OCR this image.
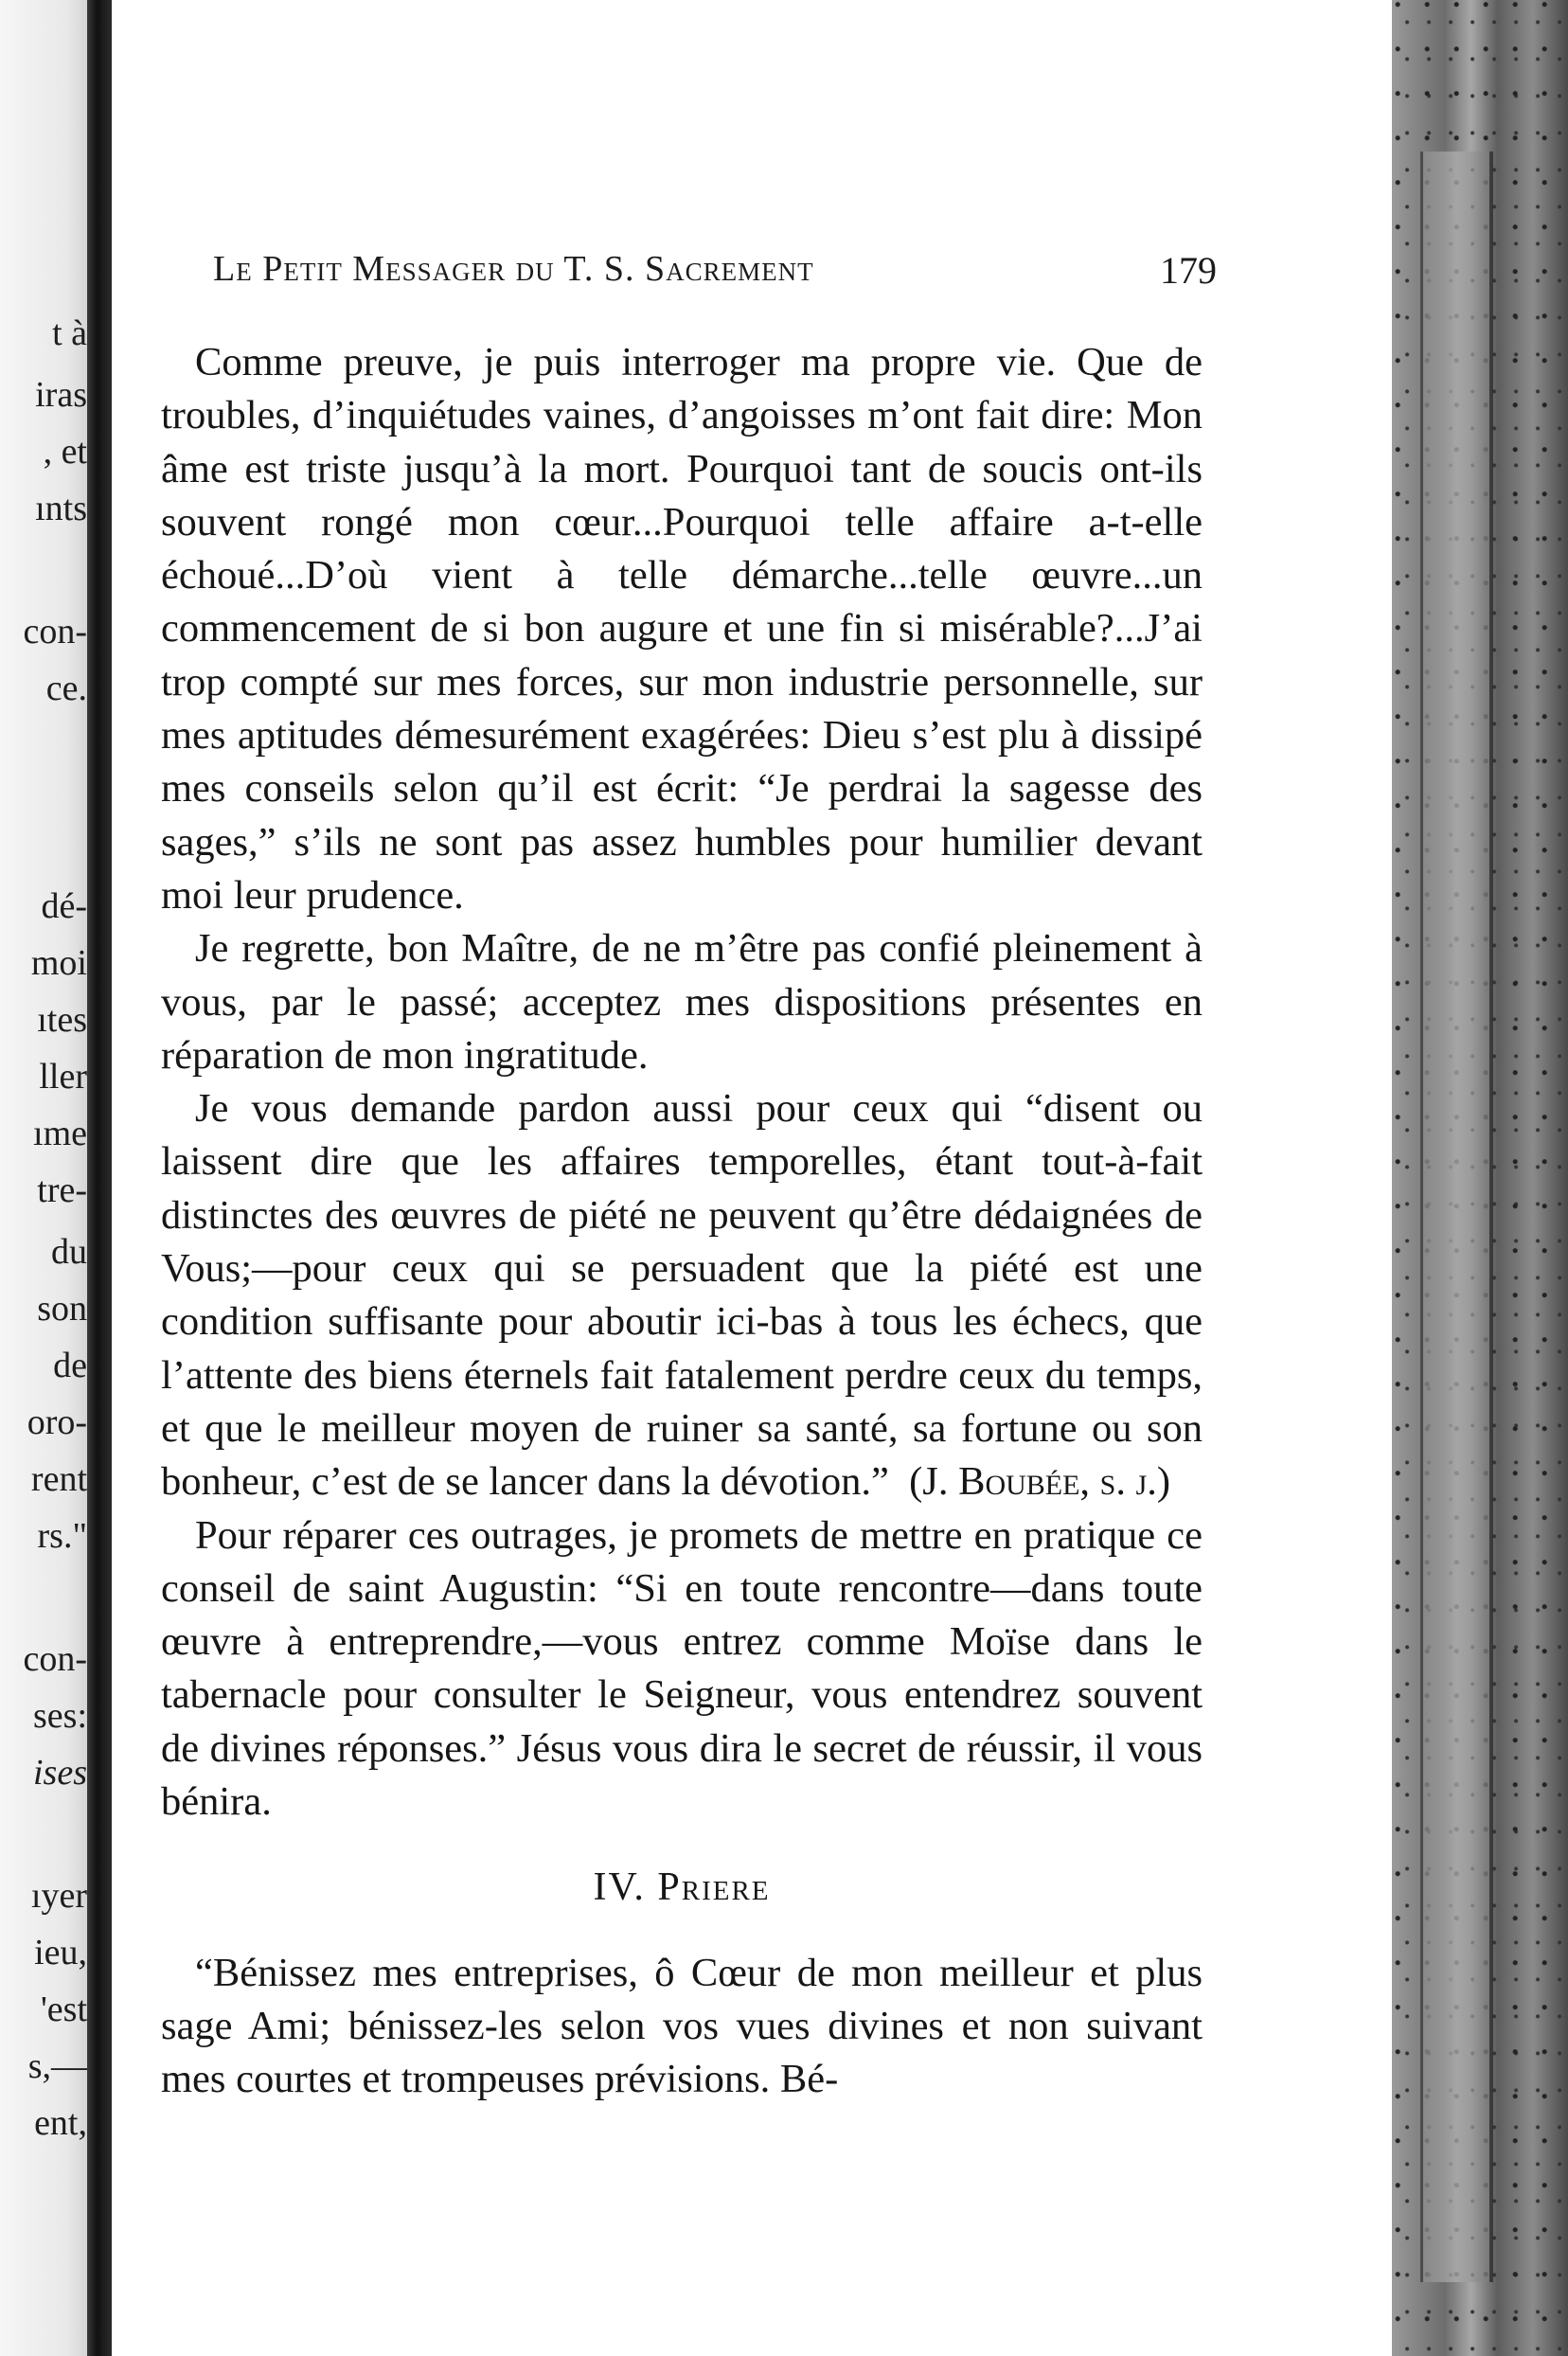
t à
iras
, et
ınts
con-
ce.
dé-
moi
ıtes
ller
ıme
tre-
du
son
de
oro-
rent
rs."
con-
ses:
ises
ıyer
ieu,
'est
s,—
ent,
Le Petit Messager du T. S. Sacrement	179

Comme preuve, je puis interroger ma propre vie. Que de troubles, d’inquiétudes vaines, d’angoisses m’ont fait dire: Mon âme est triste jusqu’à la mort. Pourquoi tant de soucis ont-ils souvent rongé mon cœur...Pourquoi telle affaire a-t-elle échoué...D’où vient à telle démarche...telle œuvre...un commencement de si bon augure et une fin si misérable?...J’ai trop compté sur mes forces, sur mon industrie personnelle, sur mes aptitudes démesurément exagérées: Dieu s’est plu à dissipé mes conseils selon qu’il est écrit: “Je perdrai la sagesse des sages,” s’ils ne sont pas assez humbles pour humilier devant moi leur prudence.

Je regrette, bon Maître, de ne m’être pas confié pleinement à vous, par le passé; acceptez mes dispositions présentes en réparation de mon ingratitude.

Je vous demande pardon aussi pour ceux qui “disent ou laissent dire que les affaires temporelles, étant tout-à-fait distinctes des œuvres de piété ne peuvent qu’être dédaignées de Vous;—pour ceux qui se persuadent que la piété est une condition suffisante pour aboutir ici-bas à tous les échecs, que l’attente des biens éternels fait fatalement perdre ceux du temps, et que le meilleur moyen de ruiner sa santé, sa fortune ou son bonheur, c’est de se lancer dans la dévotion.” (J. Boubée, s. j.)

Pour réparer ces outrages, je promets de mettre en pratique ce conseil de saint Augustin: “Si en toute rencontre—dans toute œuvre à entreprendre,—vous entrez comme Moïse dans le tabernacle pour consulter le Seigneur, vous entendrez souvent de divines réponses.” Jésus vous dira le secret de réussir, il vous bénira.

IV. Priere

“Bénissez mes entreprises, ô Cœur de mon meilleur et plus sage Ami; bénissez-les selon vos vues divines et non suivant mes courtes et trompeuses prévisions. Bé-
